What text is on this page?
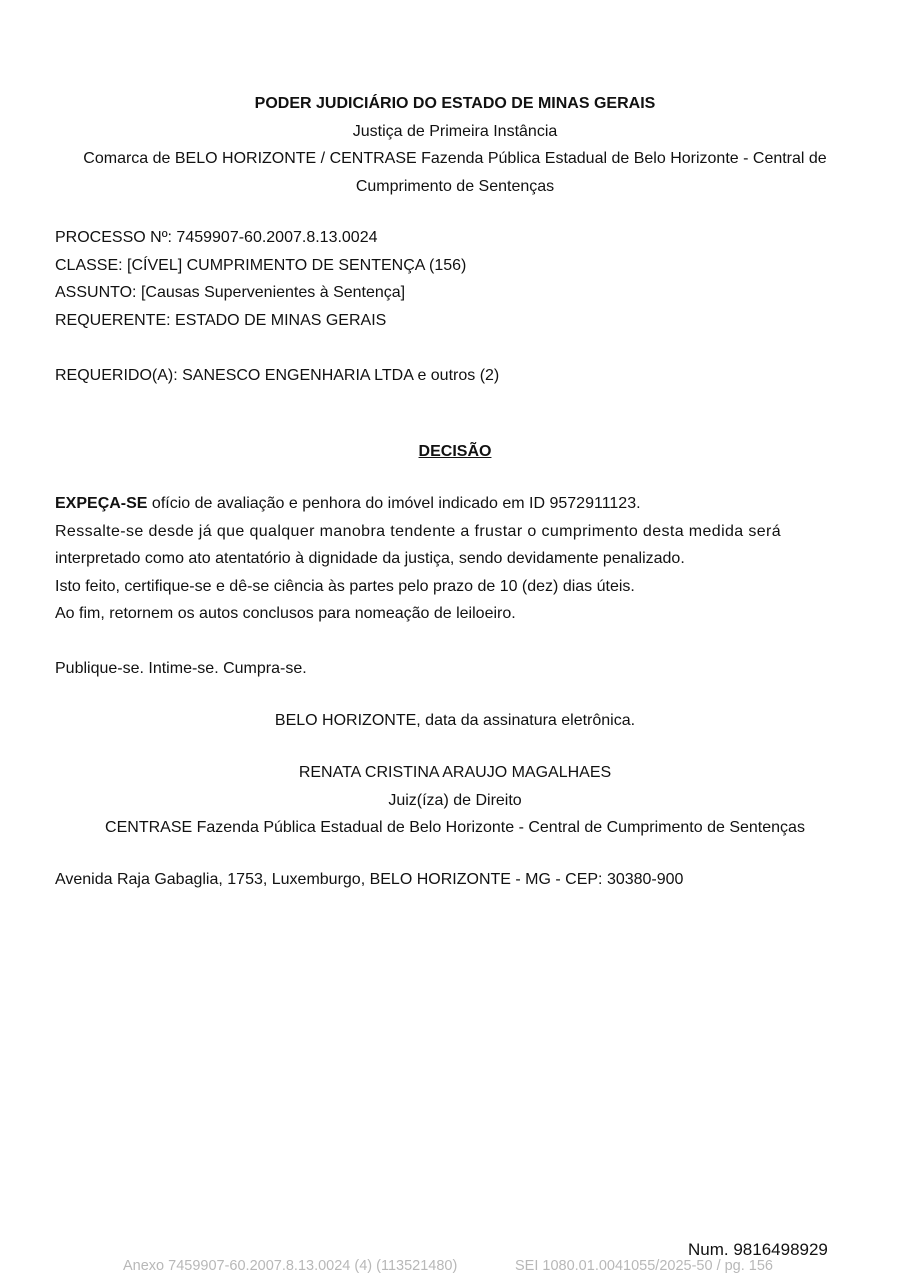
PODER JUDICIÁRIO DO ESTADO DE MINAS GERAIS
Justiça de Primeira Instância
Comarca de BELO HORIZONTE / CENTRASE Fazenda Pública Estadual de Belo Horizonte - Central de
Cumprimento de Sentenças
PROCESSO Nº: 7459907-60.2007.8.13.0024
CLASSE: [CÍVEL] CUMPRIMENTO DE SENTENÇA (156)
ASSUNTO: [Causas Supervenientes à Sentença]
REQUERENTE: ESTADO DE MINAS GERAIS
REQUERIDO(A): SANESCO ENGENHARIA LTDA e outros (2)
DECISÃO
EXPEÇA-SE ofício de avaliação e penhora do imóvel indicado em ID 9572911123.
Ressalte-se desde já que qualquer manobra tendente a frustar o cumprimento desta medida será
interpretado como ato atentatório à dignidade da justiça, sendo devidamente penalizado.
Isto feito, certifique-se e dê-se ciência às partes pelo prazo de 10 (dez) dias úteis.
Ao fim, retornem os autos conclusos para nomeação de leiloeiro.
Publique-se. Intime-se. Cumpra-se.
BELO HORIZONTE, data da assinatura eletrônica.
RENATA CRISTINA ARAUJO MAGALHAES
Juiz(íza) de Direito
CENTRASE Fazenda Pública Estadual de Belo Horizonte - Central de Cumprimento de Sentenças
Avenida Raja Gabaglia, 1753, Luxemburgo, BELO HORIZONTE - MG - CEP: 30380-900
Num. 9816498929
Anexo 7459907-60.2007.8.13.0024 (4) (113521480)	SEI 1080.01.0041055/2025-50 / pg. 156
